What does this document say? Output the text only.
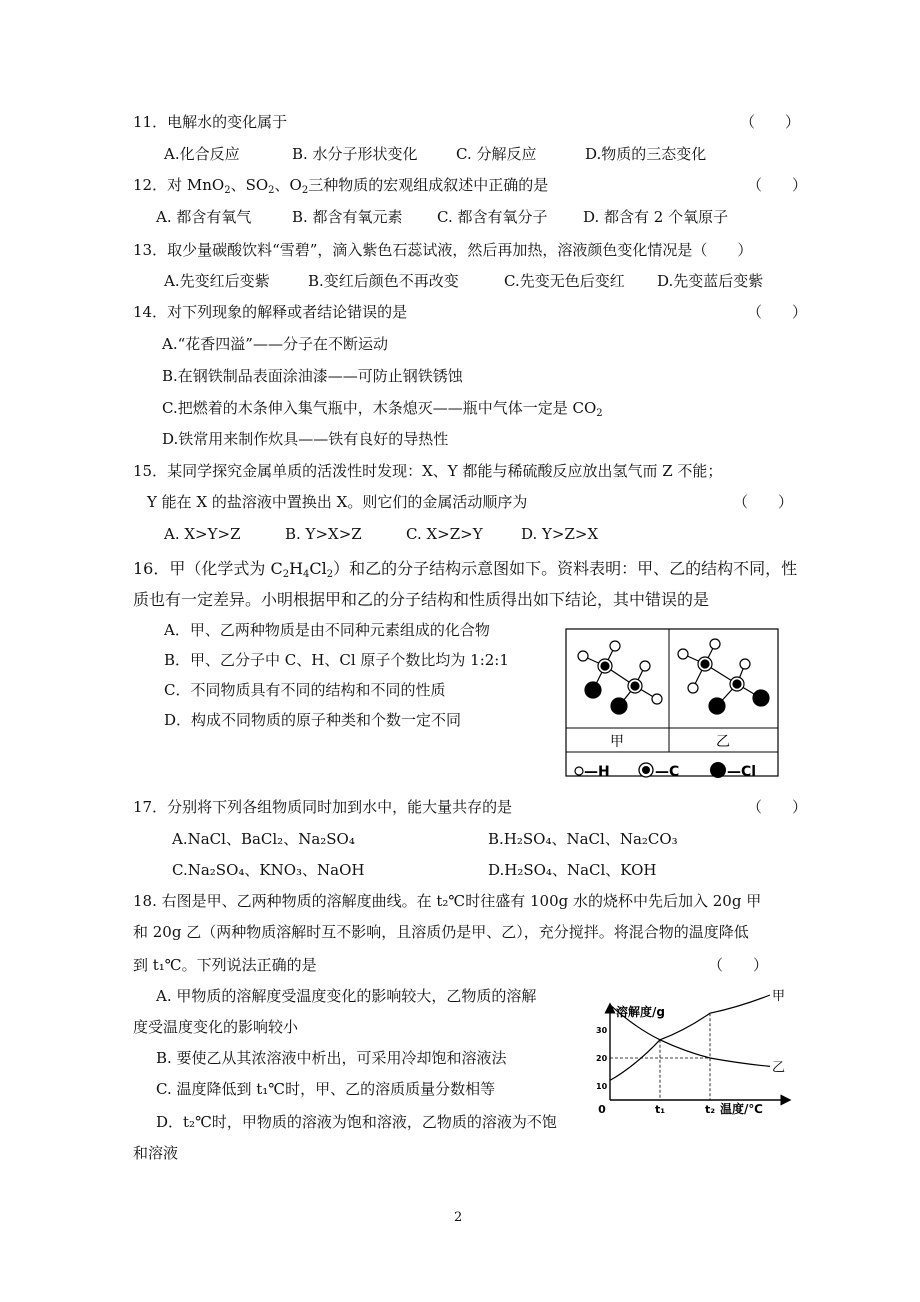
11．电解水的变化属于	（　　）
A.化合反应	B. 水分子形状变化	C. 分解反应	D.物质的三态变化
12．对 MnO$_2$、$SO_2$、$O_2$三种物质的宏观组成叙述中正确的是	（　　）
A. 都含有氧气	B. 都含有氧元素 C. 都含有氧分子 D. 都含有 2 个氧原子
13．取少量碳酸饮料“雪碧”，滴入紫色石蕊试液，然后再加热，溶液颜色变化情况是（　　）
A.先变红后变紫	B.变红后颜色不再改变	C.先变无色后变红 D.先变蓝后变紫
14．对下列现象的解释或者结论错误的是	（　　）
A.“花香四溢”——分子在不断运动
B.在钢铁制品表面涂油漆——可防止钢铁锈蚀
C.把燃着的木条伸入集气瓶中，木条熄灭——瓶中气体一定是 $CO_2$
D.铁常用来制作炊具——铁有良好的导热性
15．某同学探究金属单质的活泼性时发现：X、Y 都能与稀硫酸反应放出氢气而 Z 不能；
Y 能在 X 的盐溶液中置换出 X。则它们的金属活动顺序为	（　　）
A. X>Y>Z	B. Y>X>Z	C. X>Z>Y	D. Y>Z>X
16．甲（化学式为 $C_2H_4Cl_2$）和乙的分子结构示意图如下。资料表明：甲、乙的结构不同，性
质也有一定差异。小明根据甲和乙的分子结构和性质得出如下结论，其中错误的是
A．甲、乙两种物质是由不同种元素组成的化合物
B．甲、乙分子中 C、H、Cl 原子个数比均为 1:2:1
C．不同物质具有不同的结构和不同的性质
D．构成不同物质的原子种类和个数一定不同
甲	乙
—H	—C	—Cl
17．分别将下列各组物质同时加到水中，能大量共存的是	（　　）
A.NaCl、BaCl₂、Na₂SO₄	B.H₂SO₄、NaCl、Na₂CO₃
C.Na₂SO₄、KNO₃、NaOH	D.H₂SO₄、NaCl、KOH
18. 右图是甲、乙两种物质的溶解度曲线。在 t₂℃时往盛有 100g 水的烧杯中先后加入 20g 甲
和 20g 乙（两种物质溶解时互不影响，且溶质仍是甲、乙），充分搅拌。将混合物的温度降低
到 t₁℃。下列说法正确的是	（　　）
A. 甲物质的溶解度受温度变化的影响较大，乙物质的溶解
度受温度变化的影响较小
B. 要使乙从其浓溶液中析出，可采用冷却饱和溶液法
C. 温度降低到 t₁℃时，甲、乙的溶质质量分数相等
D．t₂℃时，甲物质的溶液为饱和溶液，乙物质的溶液为不饱
和溶液
溶解度/g
温度/℃
0	t₁	t₂
10
20
30
甲
乙
2
